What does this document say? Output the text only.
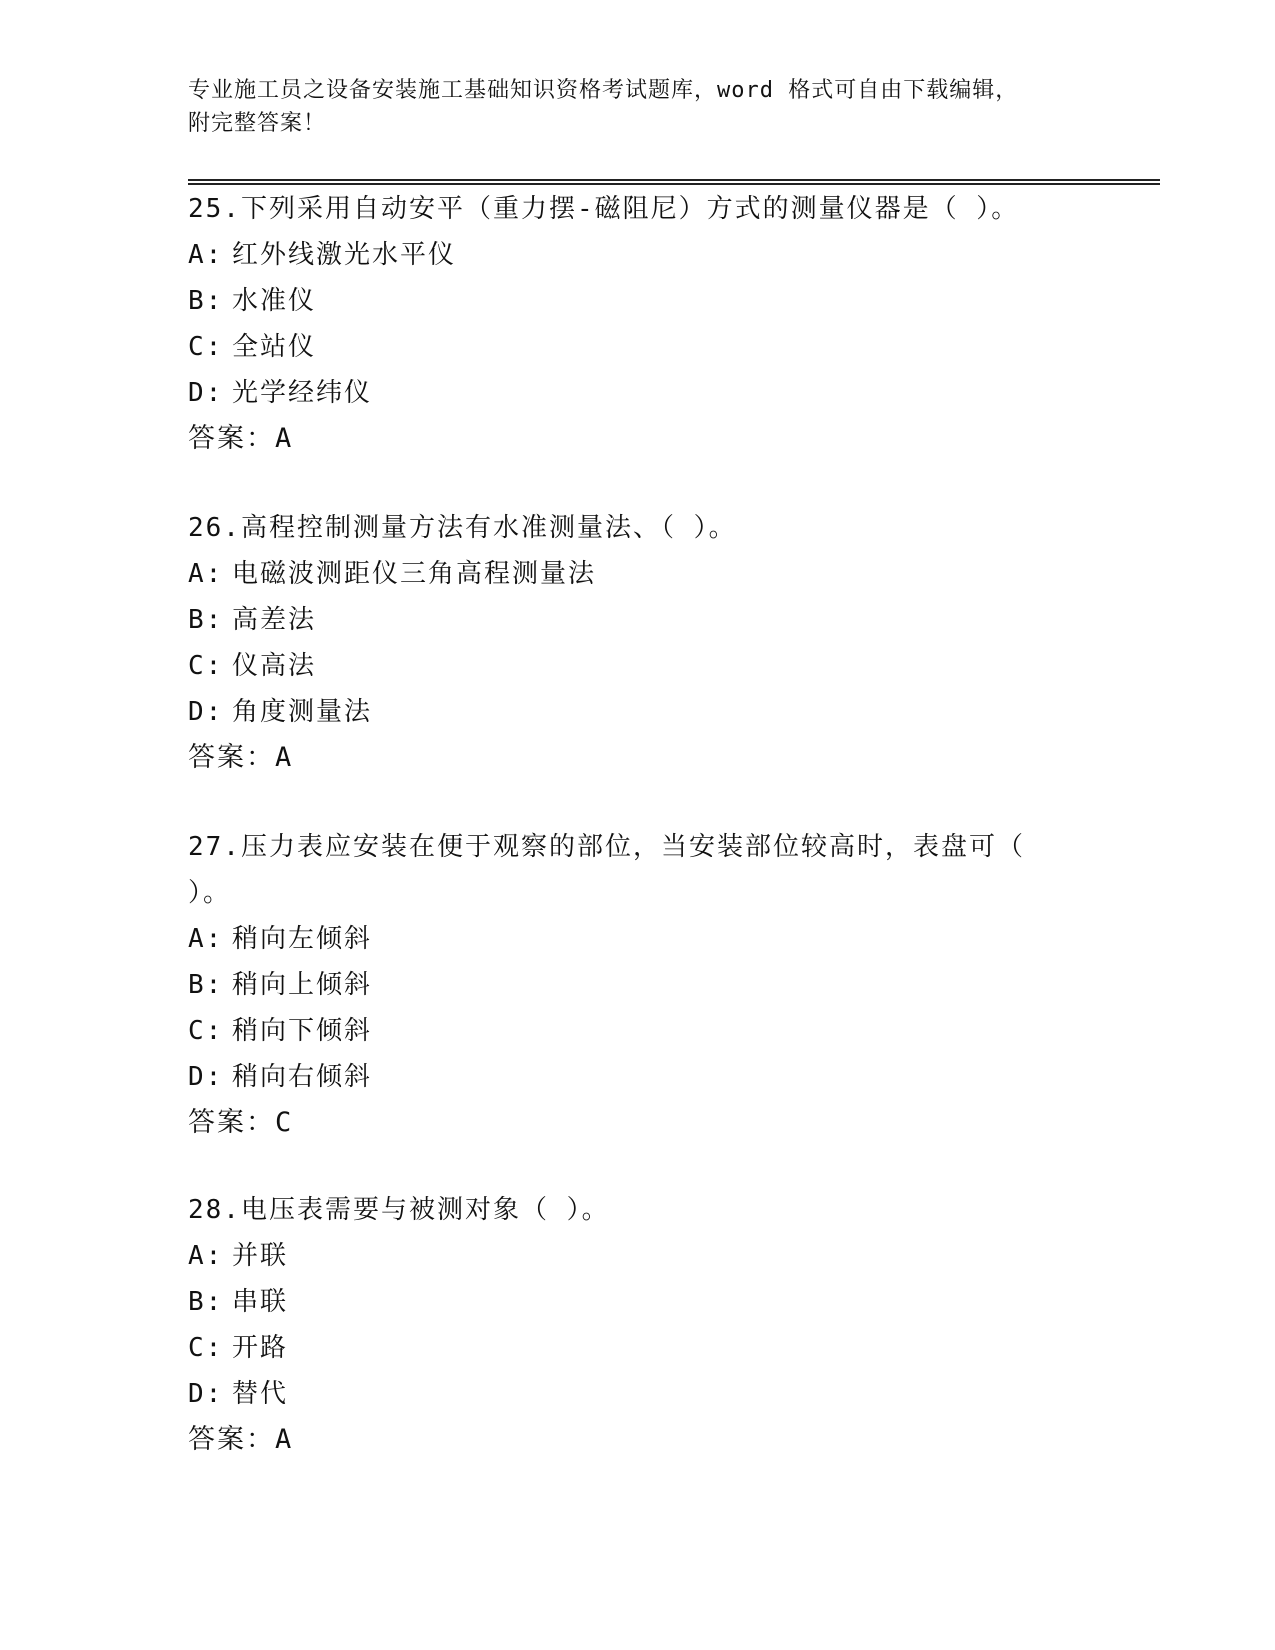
专业施工员之设备安装施工基础知识资格考试题库，word 格式可自由下载编辑，
附完整答案！

25.下列采用自动安平（重力摆-磁阻尼）方式的测量仪器是（ ）。

A: 红外线激光水平仪

B: 水准仪

C: 全站仪

D: 光学经纬仪

答案：A

26.高程控制测量方法有水准测量法、（ ）。

A: 电磁波测距仪三角高程测量法

B: 高差法

C: 仪高法

D: 角度测量法

答案：A

27.压力表应安装在便于观察的部位，当安装部位较高时，表盘可（

）。

A: 稍向左倾斜

B: 稍向上倾斜

C: 稍向下倾斜

D: 稍向右倾斜

答案：C

28.电压表需要与被测对象（ ）。

A: 并联

B: 串联

C: 开路

D: 替代

答案：A
